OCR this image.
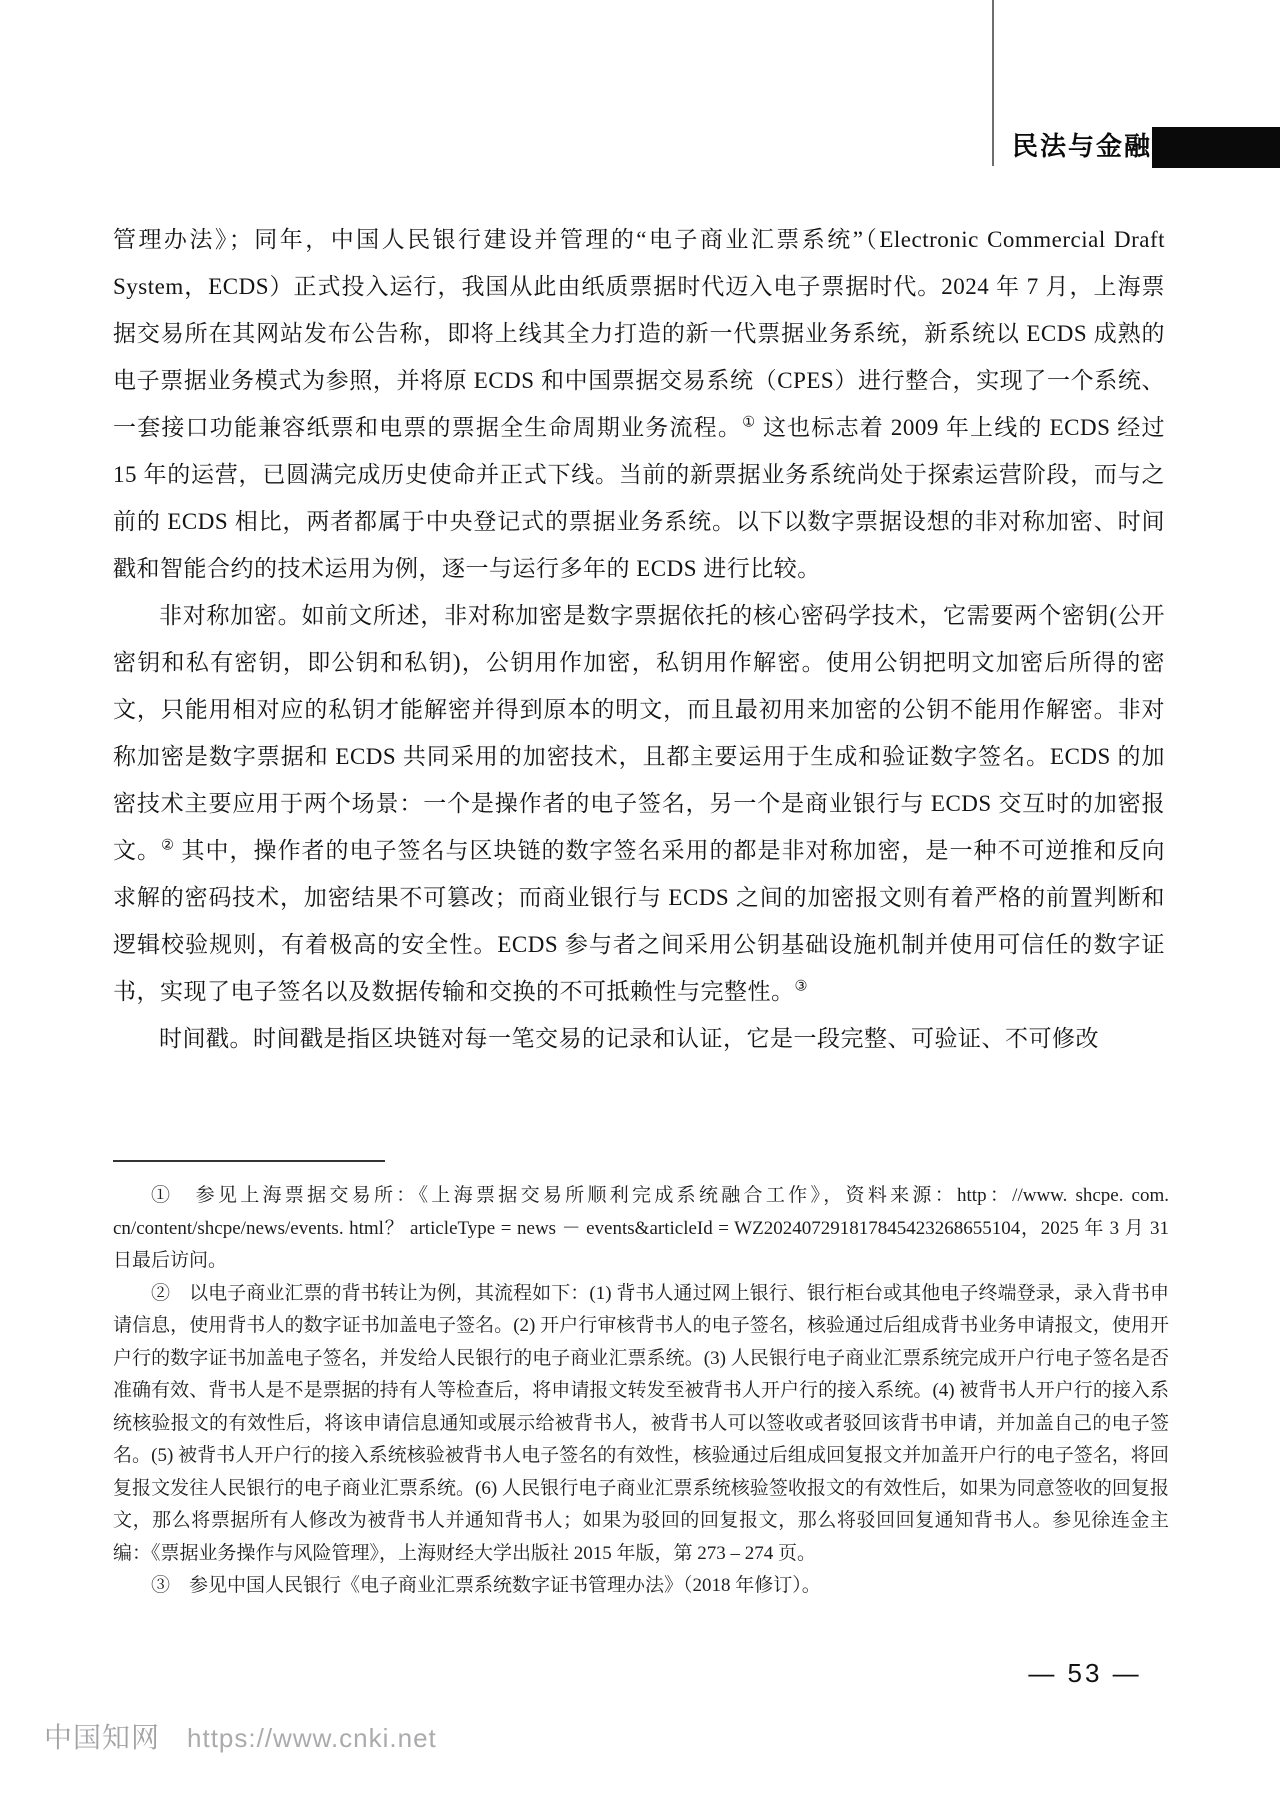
民法与金融

管理办法》；同年，中国人民银行建设并管理的“电子商业汇票系统”（Electronic Commercial Draft System，ECDS）正式投入运行，我国从此由纸质票据时代迈入电子票据时代。2024 年 7 月，上海票据交易所在其网站发布公告称，即将上线其全力打造的新一代票据业务系统，新系统以 ECDS 成熟的电子票据业务模式为参照，并将原 ECDS 和中国票据交易系统（CPES）进行整合，实现了一个系统、一套接口功能兼容纸票和电票的票据全生命周期业务流程。① 这也标志着 2009 年上线的 ECDS 经过 15 年的运营，已圆满完成历史使命并正式下线。当前的新票据业务系统尚处于探索运营阶段，而与之前的 ECDS 相比，两者都属于中央登记式的票据业务系统。以下以数字票据设想的非对称加密、时间戳和智能合约的技术运用为例，逐一与运行多年的 ECDS 进行比较。

非对称加密。如前文所述，非对称加密是数字票据依托的核心密码学技术，它需要两个密钥(公开密钥和私有密钥，即公钥和私钥)，公钥用作加密，私钥用作解密。使用公钥把明文加密后所得的密文，只能用相对应的私钥才能解密并得到原本的明文，而且最初用来加密的公钥不能用作解密。非对称加密是数字票据和 ECDS 共同采用的加密技术，且都主要运用于生成和验证数字签名。ECDS 的加密技术主要应用于两个场景：一个是操作者的电子签名，另一个是商业银行与 ECDS 交互时的加密报文。② 其中，操作者的电子签名与区块链的数字签名采用的都是非对称加密，是一种不可逆推和反向求解的密码技术，加密结果不可篡改；而商业银行与 ECDS 之间的加密报文则有着严格的前置判断和逻辑校验规则，有着极高的安全性。ECDS 参与者之间采用公钥基础设施机制并使用可信任的数字证书，实现了电子签名以及数据传输和交换的不可抵赖性与完整性。③

时间戳。时间戳是指区块链对每一笔交易的记录和认证，它是一段完整、可验证、不可修改

①　参见上海票据交易所：《上海票据交易所顺利完成系统融合工作》，资料来源：http：//www. shcpe. com. cn/content/shcpe/news/events. html？ articleType = news － events&articleId = WZ202407291817845423268655104，2025 年 3 月 31 日最后访问。

②　以电子商业汇票的背书转让为例，其流程如下：(1) 背书人通过网上银行、银行柜台或其他电子终端登录，录入背书申请信息，使用背书人的数字证书加盖电子签名。(2) 开户行审核背书人的电子签名，核验通过后组成背书业务申请报文，使用开户行的数字证书加盖电子签名，并发给人民银行的电子商业汇票系统。(3) 人民银行电子商业汇票系统完成开户行电子签名是否准确有效、背书人是不是票据的持有人等检查后，将申请报文转发至被背书人开户行的接入系统。(4) 被背书人开户行的接入系统核验报文的有效性后，将该申请信息通知或展示给被背书人，被背书人可以签收或者驳回该背书申请，并加盖自己的电子签名。(5) 被背书人开户行的接入系统核验被背书人电子签名的有效性，核验通过后组成回复报文并加盖开户行的电子签名，将回复报文发往人民银行的电子商业汇票系统。(6) 人民银行电子商业汇票系统核验签收报文的有效性后，如果为同意签收的回复报文，那么将票据所有人修改为被背书人并通知背书人；如果为驳回的回复报文，那么将驳回回复通知背书人。参见徐连金主编：《票据业务操作与风险管理》，上海财经大学出版社 2015 年版，第 273 – 274 页。

③　参见中国人民银行《电子商业汇票系统数字证书管理办法》（2018 年修订）。

— 53 —
中国知网 https://www.cnki.net
